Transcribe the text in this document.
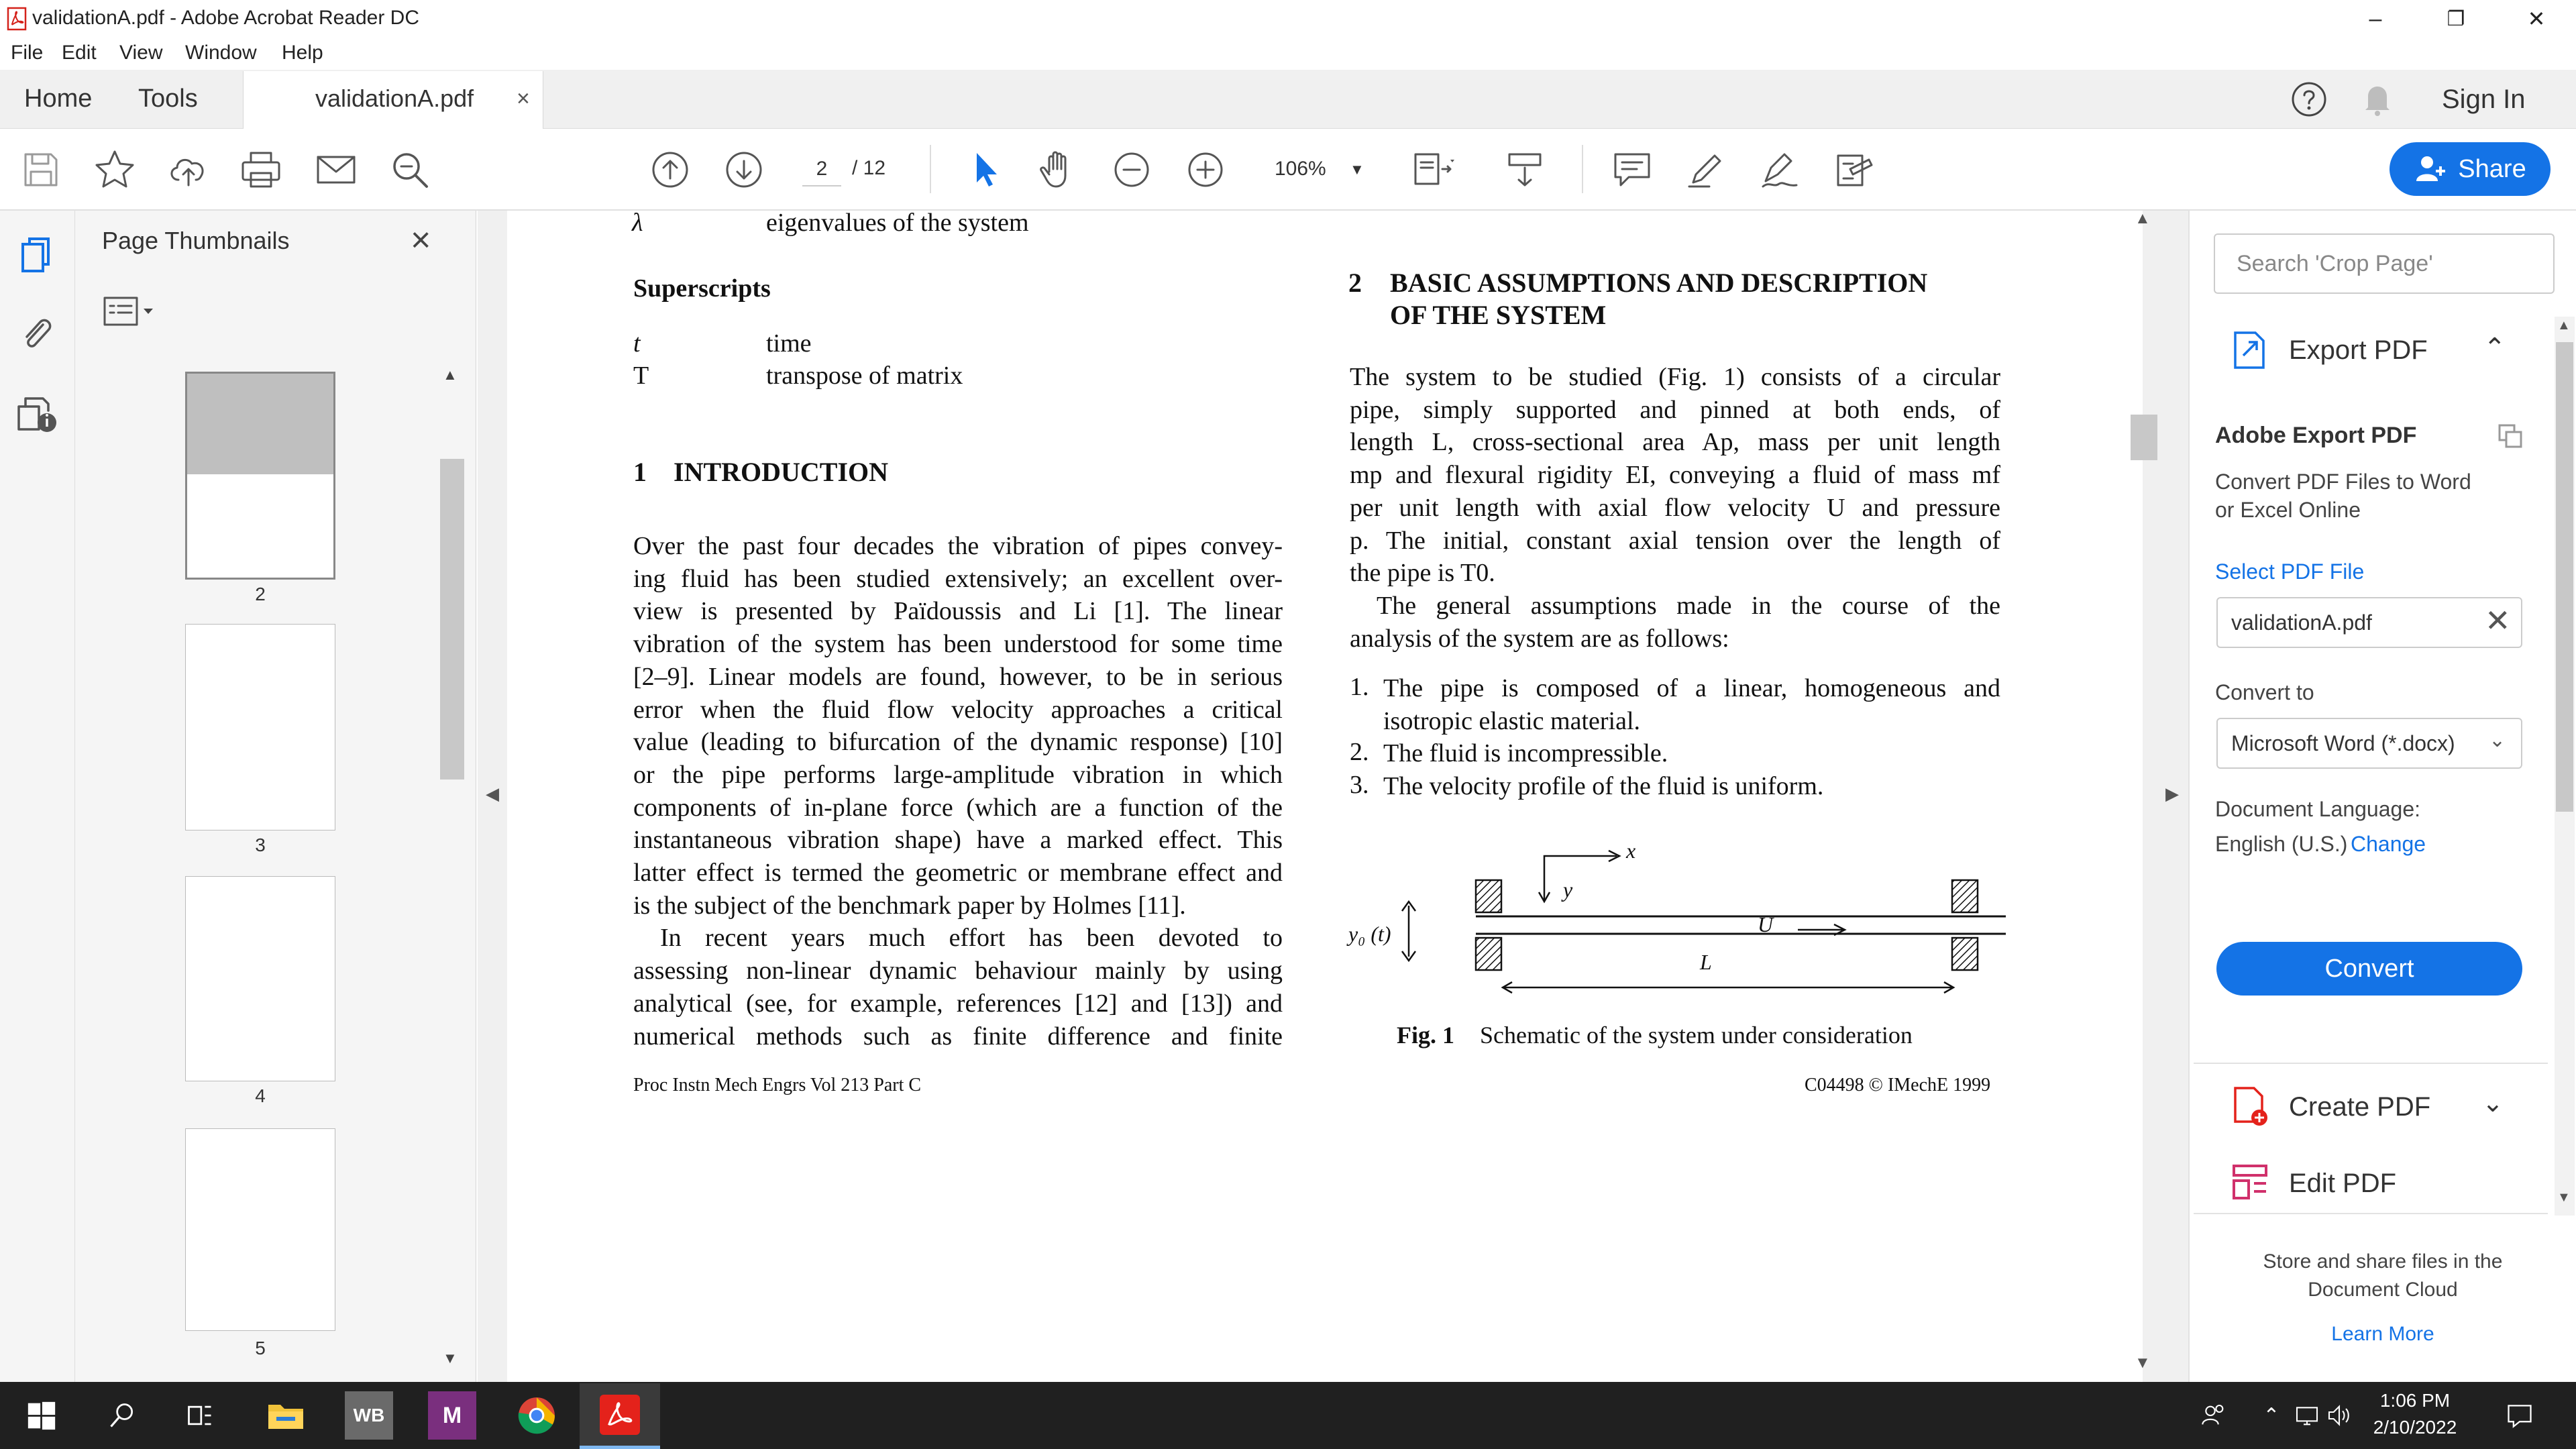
validationA.pdf - Adobe Acrobat Reader DC	–	❐	✕
File Edit View Window Help
Home Tools	validationA.pdf ×	Sign In
2	/ 12	106%	▼	Share
Page Thumbnails	×
2
3
4
5
▲
▼
◀
▲
▼
▶
λ	eigenvalues of the system
Superscripts
t	time
T	transpose of matrix
1 INTRODUCTION
Over the past four decades the vibration of pipes convey-
ing fluid has been studied extensively; an excellent over-
view is presented by Païdoussis and Li [1]. The linear
vibration of the system has been understood for some time
[2–9]. Linear models are found, however, to be in serious
error when the fluid flow velocity approaches a critical
value (leading to bifurcation of the dynamic response) [10]
or the pipe performs large-amplitude vibration in which
components of in-plane force (which are a function of the
instantaneous vibration shape) have a marked effect. This
latter effect is termed the geometric or membrane effect and
is the subject of the benchmark paper by Holmes [11].
In recent years much effort has been devoted to
assessing non-linear dynamic behaviour mainly by using
analytical (see, for example, references [12] and [13]) and
numerical methods such as finite difference and finite
2 BASIC ASSUMPTIONS AND DESCRIPTION
OF THE SYSTEM
The system to be studied (Fig. 1) consists of a circular
pipe, simply supported and pinned at both ends, of
length L, cross-sectional area Ap, mass per unit length
mp and flexural rigidity EI, conveying a fluid of mass mf
per unit length with axial flow velocity U and pressure
p. The initial, constant axial tension over the length of
the pipe is T0.
The general assumptions made in the course of the
analysis of the system are as follows:
1. The pipe is composed of a linear, homogeneous and
isotropic elastic material.
2. The fluid is incompressible.
3. The velocity profile of the fluid is uniform.
x
y
U
L
y₀ (t)
Fig. 1 Schematic of the system under consideration
Proc Instn Mech Engrs Vol 213 Part C	C04498 © IMechE 1999
Search 'Crop Page'
▲
▼
Export PDF ⌃
Adobe Export PDF
Convert PDF Files to Word
or Excel Online
Select PDF File
validationA.pdf	✕
Convert to
Microsoft Word (*.docx)	⌄
Document Language:
English (U.S.) Change
Convert
Create PDF ⌄
Edit PDF
Store and share files in the
Document Cloud
Learn More
WB	M	⌃
1:06 PM
2/10/2022
